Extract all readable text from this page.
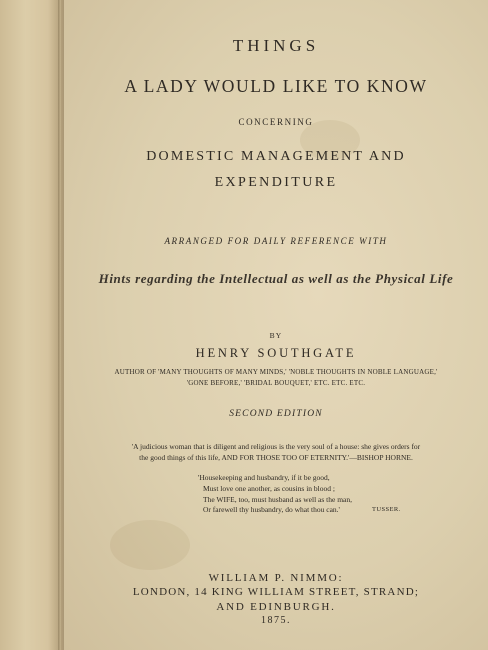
THINGS
A LADY WOULD LIKE TO KNOW
CONCERNING
DOMESTIC MANAGEMENT AND
EXPENDITURE
ARRANGED FOR DAILY REFERENCE WITH
Hints regarding the Intellectual as well as the Physical Life
BY
HENRY SOUTHGATE
AUTHOR OF 'MANY THOUGHTS OF MANY MINDS,' 'NOBLE THOUGHTS IN NOBLE LANGUAGE,'
'GONE BEFORE,' 'BRIDAL BOUQUET,' ETC. ETC. ETC.
SECOND EDITION
'A judicious woman that is diligent and religious is the very soul of a house: she gives orders for
the good things of this life, AND FOR THOSE TOO OF ETERNITY.'—BISHOP HORNE.
'Housekeeping and husbandry, if it be good,
Must love one another, as cousins in blood ;
The WIFE, too, must husband as well as the man,
Or farewell thy husbandry, do what thou can.'	TUSSER.
WILLIAM P. NIMMO:
LONDON, 14 KING WILLIAM STREET, STRAND;
AND EDINBURGH.
1875.
